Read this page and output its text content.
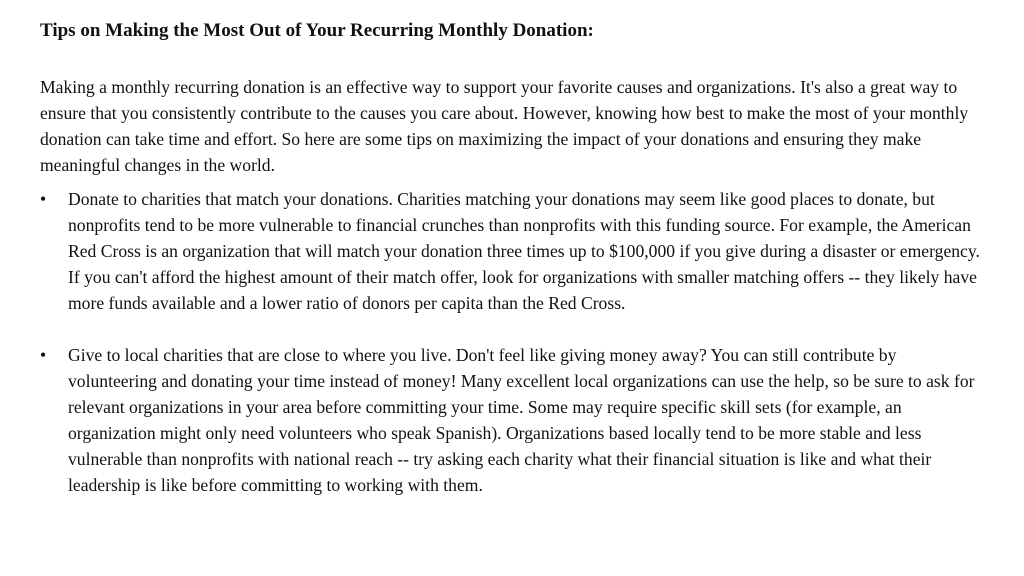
Tips on Making the Most Out of Your Recurring Monthly Donation:

Making a monthly recurring donation is an effective way to support your favorite causes and organizations. It's also a great way to ensure that you consistently contribute to the causes you care about. However, knowing how best to make the most of your monthly donation can take time and effort. So here are some tips on maximizing the impact of your donations and ensuring they make meaningful changes in the world.

• Donate to charities that match your donations. Charities matching your donations may seem like good places to donate, but nonprofits tend to be more vulnerable to financial crunches than nonprofits with this funding source. For example, the American Red Cross is an organization that will match your donation three times up to $100,000 if you give during a disaster or emergency. If you can't afford the highest amount of their match offer, look for organizations with smaller matching offers -- they likely have more funds available and a lower ratio of donors per capita than the Red Cross.
• Give to local charities that are close to where you live. Don't feel like giving money away? You can still contribute by volunteering and donating your time instead of money! Many excellent local organizations can use the help, so be sure to ask for relevant organizations in your area before committing your time. Some may require specific skill sets (for example, an organization might only need volunteers who speak Spanish). Organizations based locally tend to be more stable and less vulnerable than nonprofits with national reach -- try asking each charity what their financial situation is like and what their leadership is like before committing to working with them.
